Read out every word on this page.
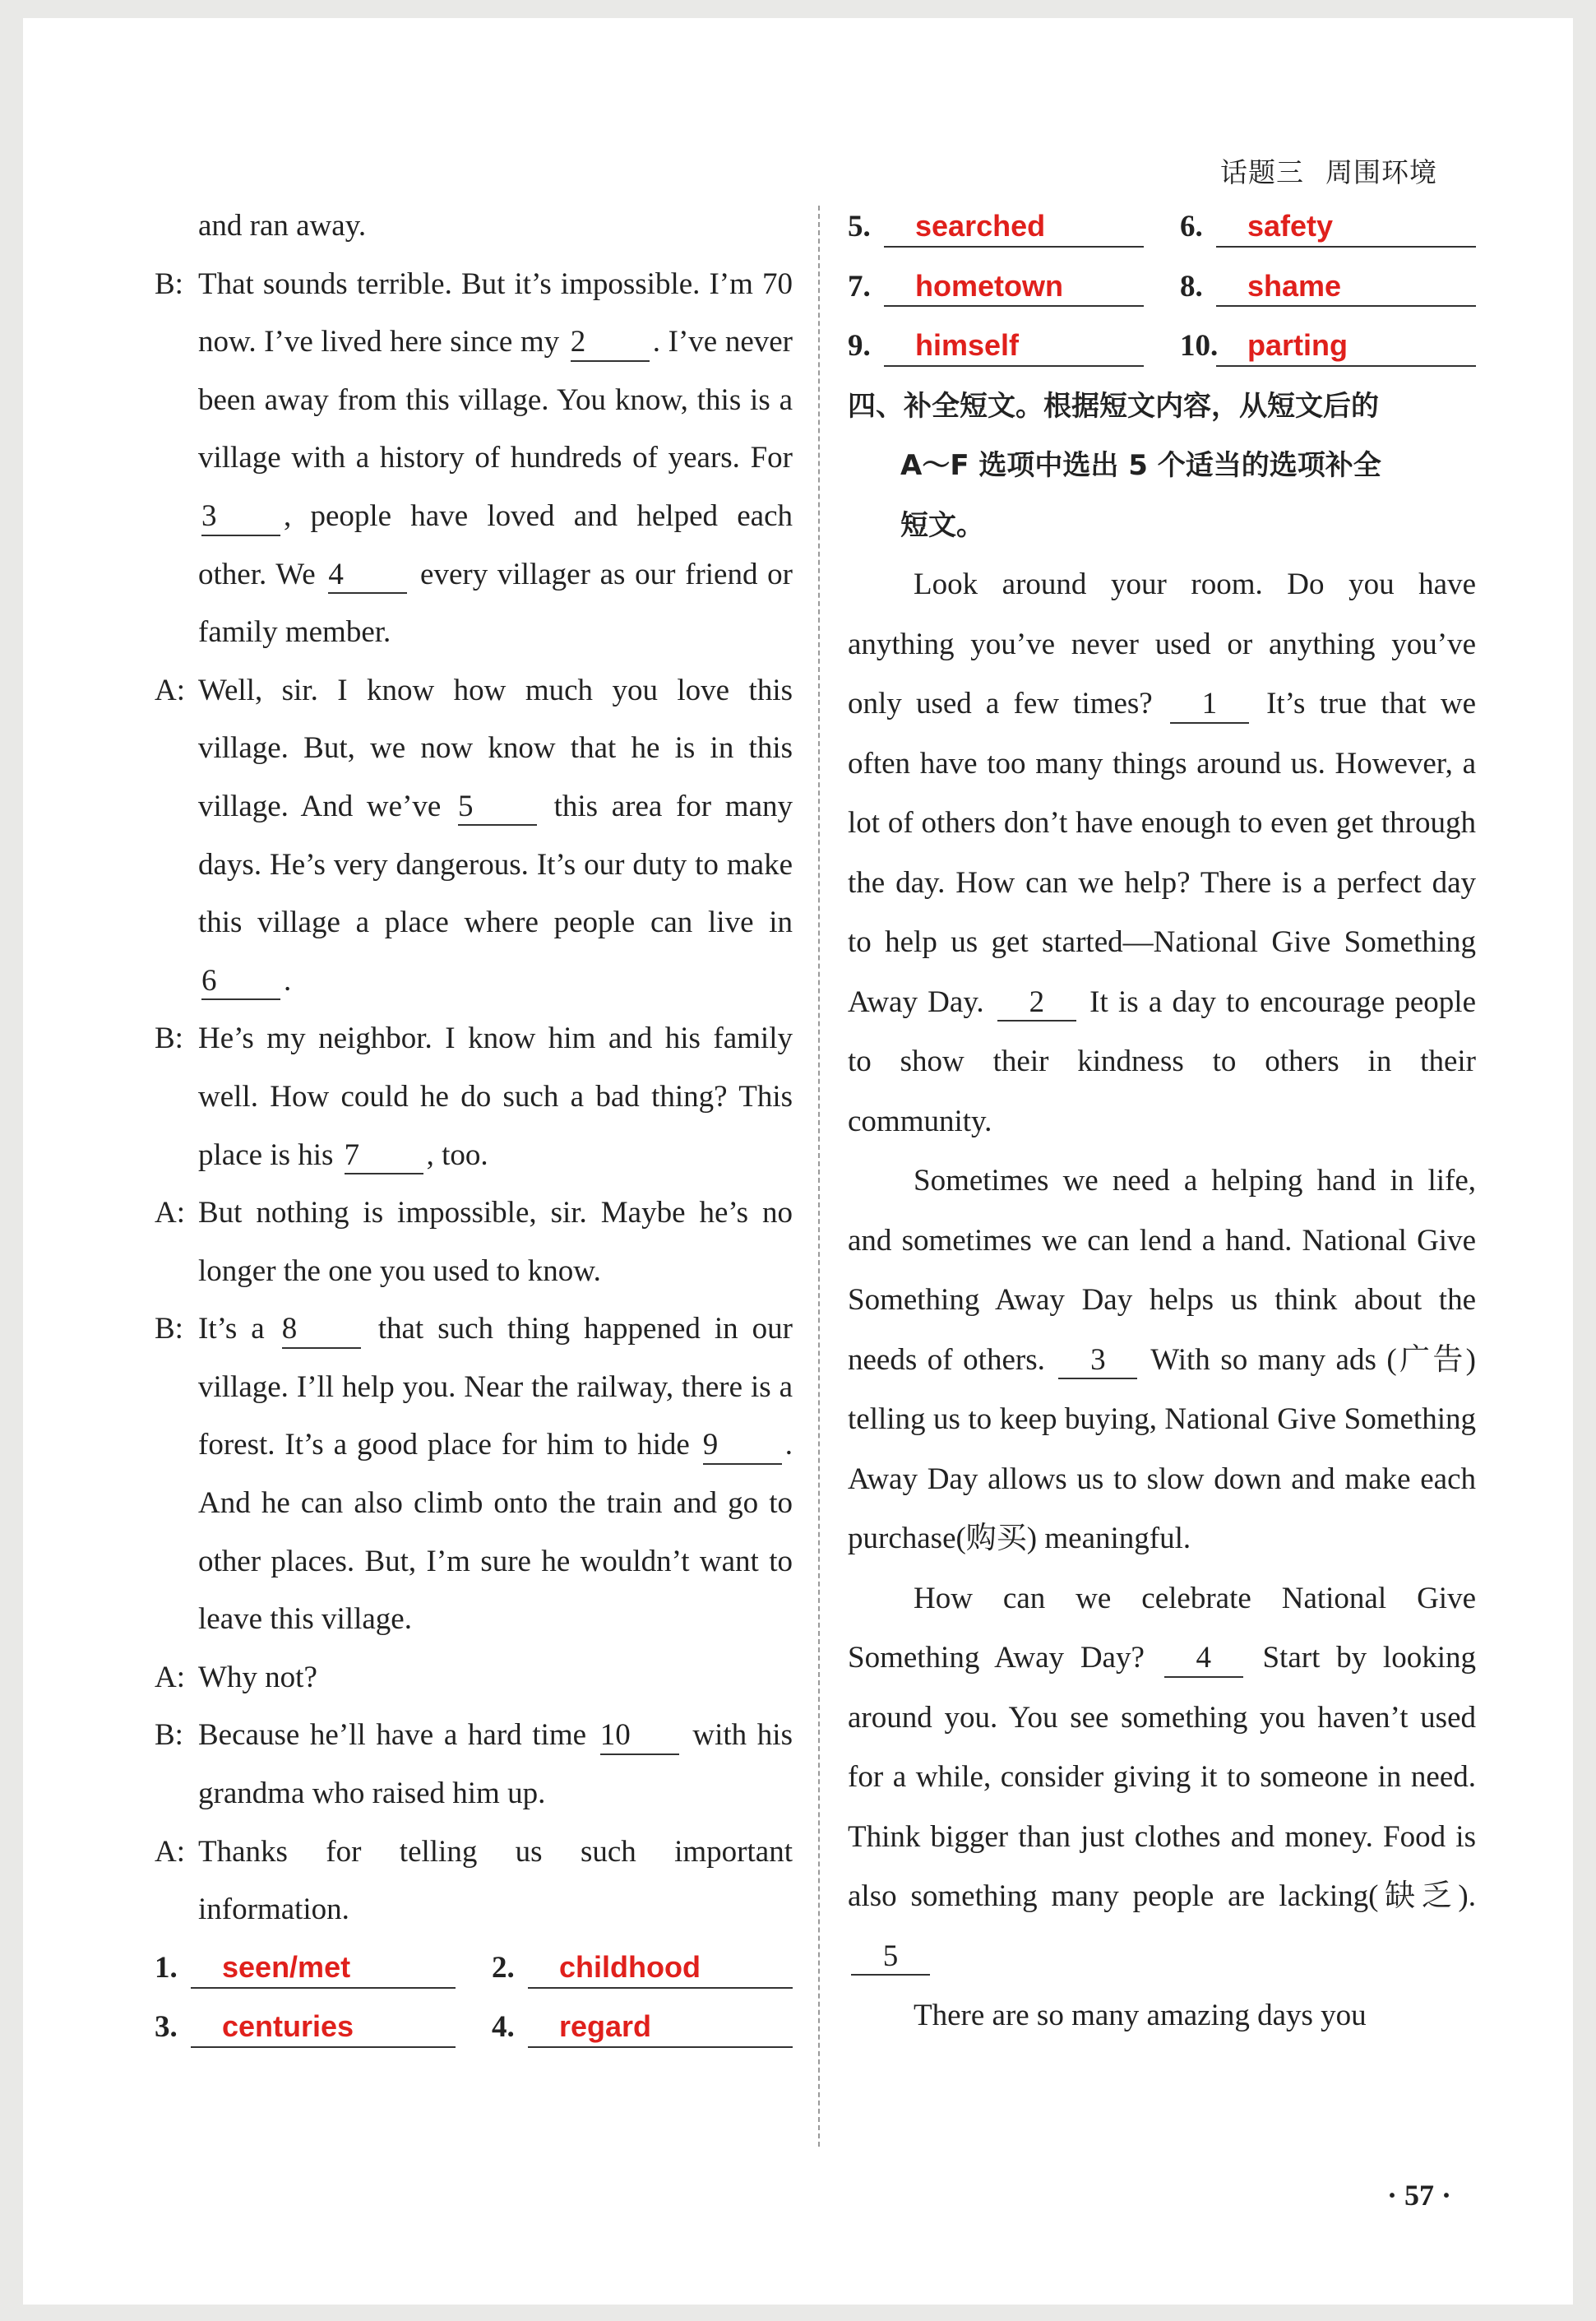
话题三 周围环境
and ran away.
B: That sounds terrible. But it’s impossible. I’m 70 now. I’ve lived here since my 2 . I’ve never been away from this village. You know, this is a village with a history of hundreds of years. For 3 , people have loved and helped each other. We 4 every villager as our friend or family member.
A: Well, sir. I know how much you love this village. But, we now know that he is in this village. And we’ve 5 this area for many days. He’s very dangerous. It’s our duty to make this village a place where people can live in 6 .
B: He’s my neighbor. I know him and his family well. How could he do such a bad thing? This place is his 7 , too.
A: But nothing is impossible, sir. Maybe he’s no longer the one you used to know.
B: It’s a 8 that such thing happened in our village. I’ll help you. Near the railway, there is a forest. It’s a good place for him to hide 9 . And he can also climb onto the train and go to other places. But, I’m sure he wouldn’t want to leave this village.
A: Why not?
B: Because he’ll have a hard time 10 with his grandma who raised him up.
A: Thanks for telling us such important information.
1.	seen/met	2.	childhood
3.	centuries	4.	regard
5.	searched	6.	safety
7.	hometown	8.	shame
9.	himself	10. parting
四、补全短文。根据短文内容，从短文后的
A～F 选项中选出 5 个适当的选项补全
短文。

Look around your room. Do you have anything you’ve never used or anything you’ve only used a few times? 1 It’s true that we often have too many things around us. However, a lot of others don’t have enough to even get through the day. How can we help? There is a perfect day to help us get started—National Give Something Away Day. 2 It is a day to encourage people to show their kindness to others in their community.

Sometimes we need a helping hand in life, and sometimes we can lend a hand. National Give Something Away Day helps us think about the needs of others. 3 With so many ads (广告) telling us to keep buying, National Give Something Away Day allows us to slow down and make each purchase(购买) meaningful.

How can we celebrate National Give Something Away Day? 4 Start by looking around you. You see something you haven’t used for a while, consider giving it to someone in need. Think bigger than just clothes and money. Food is also something many people are lacking(缺乏). 5

There are so many amazing days you

· 57 ·
